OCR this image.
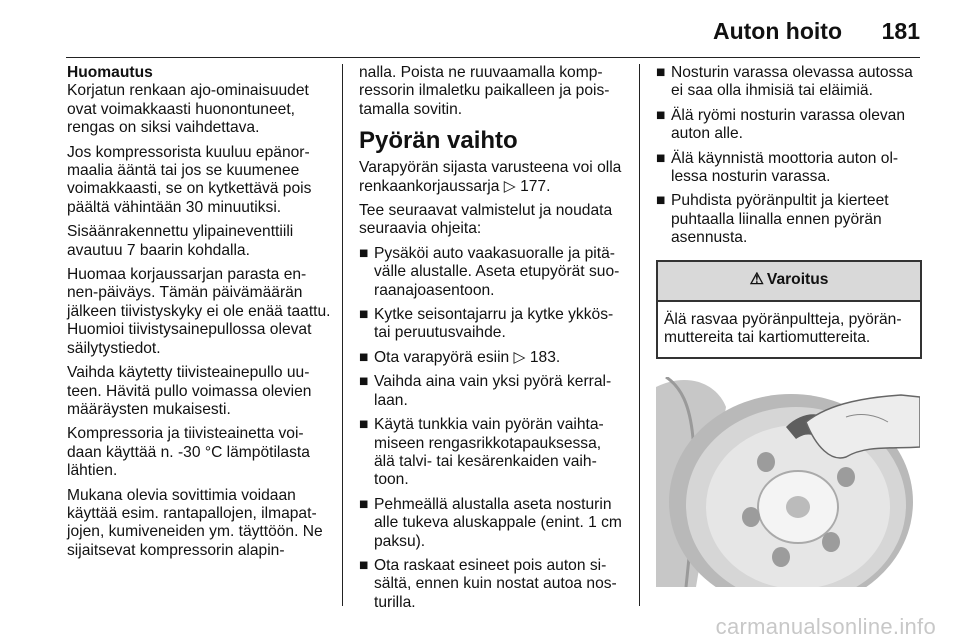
Auton hoito 181

Huomautus

Korjatun renkaan ajo-ominaisuudet ovat voimakkaasti huonontuneet, rengas on siksi vaihdettava.

Jos kompressorista kuuluu epänormaalia ääntä tai jos se kuumenee voimakkaasti, se on kytkettävä pois päältä vähintään 30 minuutiksi.

Sisäänrakennettu ylipaineventtiili avautuu 7 baarin kohdalla.

Huomaa korjaussarjan parasta ennen-päiväys. Tämän päivämäärän jälkeen tiivistyskyky ei ole enää taattu. Huomioi tiivistysainepullossa olevat säilytystiedot.

Vaihda käytetty tiivisteainepullo uuteen. Hävitä pullo voimassa olevien määräysten mukaisesti.

Kompressoria ja tiivisteainetta voidaan käyttää n. -30 °C lämpötilasta lähtien.

Mukana olevia sovittimia voidaan käyttää esim. rantapallojen, ilmapatjojen, kumiveneiden ym. täyttöön. Ne sijaitsevat kompressorin alapin-

nalla. Poista ne ruuvaamalla kompressorin ilmaletku paikalleen ja poistamalla sovitin.

Pyörän vaihto

Varapyörän sijasta varusteena voi olla renkaankorjaussarja ▷ 177.

Tee seuraavat valmistelut ja noudata seuraavia ohjeita:

■ Pysäköi auto vaakasuoralle ja pitävälle alustalle. Aseta etupyörät suoraanajoasentoon.
■ Kytke seisontajarru ja kytke ykköstai peruutusvaihde.
■ Ota varapyörä esiin ▷ 183.
■ Vaihda aina vain yksi pyörä kerrallaan.
■ Käytä tunkkia vain pyörän vaihtamiseen rengasrikkotapauksessa, älä talvi- tai kesärenkaiden vaihtoon.
■ Pehmeällä alustalla aseta nosturin alle tukeva aluskappale (enint. 1 cm paksu).
■ Ota raskaat esineet pois auton sisältä, ennen kuin nostat autoa nosturilla.
■ Nosturin varassa olevassa autossa ei saa olla ihmisiä tai eläimiä.
■ Älä ryömi nosturin varassa olevan auton alle.
■ Älä käynnistä moottoria auton ollessa nosturin varassa.
■ Puhdista pyöränpultit ja kierteet puhtaalla liinalla ennen pyörän asennusta.
⚠ Varoitus
Älä rasvaa pyöränpultteja, pyöränmuttereita tai kartiomuttereita.
carmanualsonline.info
